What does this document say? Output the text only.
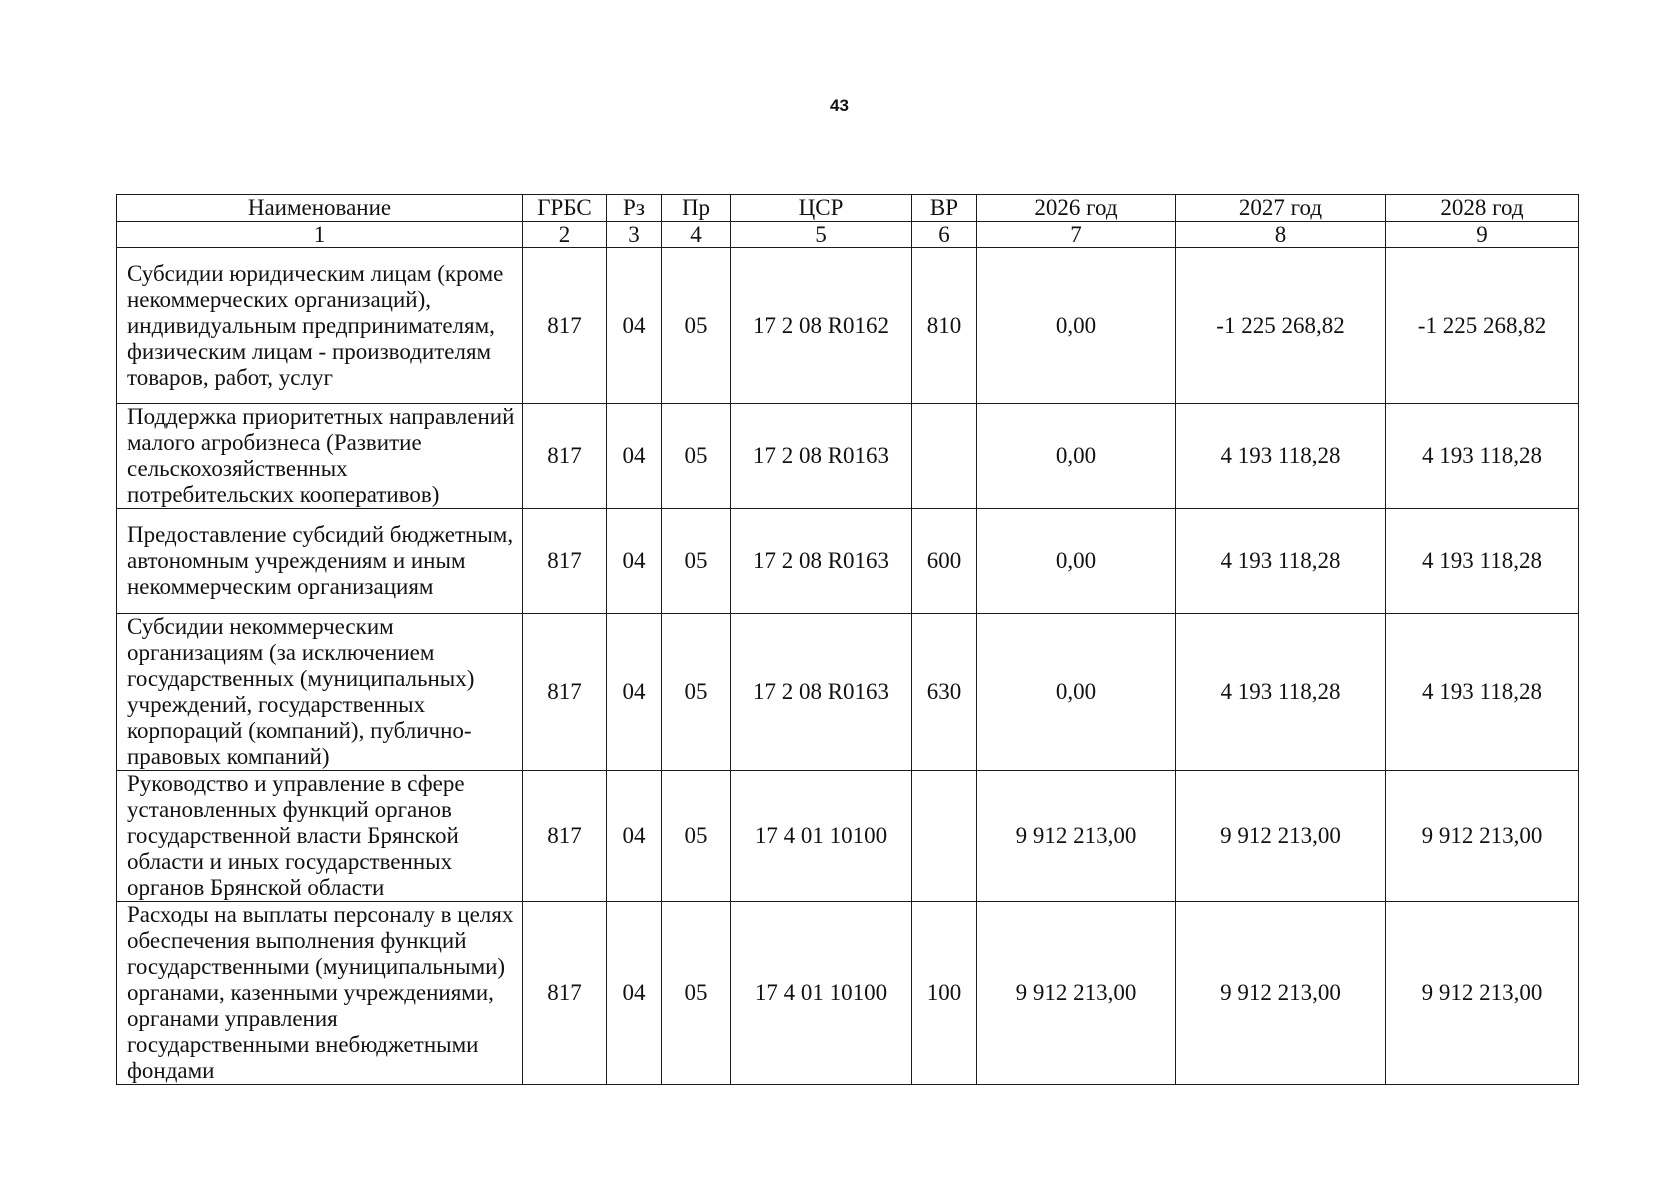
43
Наименование	ГРБС	Рз	Пр	ЦСР	ВР	2026 год	2027 год	2028 год
1	2	3	4	5	6	7	8	9
Субсидии юридическим лицам (кроме некоммерческих организаций), индивидуальным предпринимателям, физическим лицам - производителям товаров, работ, услуг	817	04	05	17 2 08 R0162	810	0,00	-1 225 268,82	-1 225 268,82
Поддержка приоритетных направлений малого агробизнеса (Развитие сельскохозяйственных потребительских кооперативов)	817	04	05	17 2 08 R0163		0,00	4 193 118,28	4 193 118,28
Предоставление субсидий бюджетным, автономным учреждениям и иным некоммерческим организациям	817	04	05	17 2 08 R0163	600	0,00	4 193 118,28	4 193 118,28
Субсидии некоммерческим организациям (за исключением государственных (муниципальных) учреждений, государственных корпораций (компаний), публично-правовых компаний)	817	04	05	17 2 08 R0163	630	0,00	4 193 118,28	4 193 118,28
Руководство и управление в сфере установленных функций органов государственной власти Брянской области и иных государственных органов Брянской области	817	04	05	17 4 01 10100		9 912 213,00	9 912 213,00	9 912 213,00
Расходы на выплаты персоналу в целях обеспечения выполнения функций государственными (муниципальными) органами, казенными учреждениями, органами управления государственными внебюджетными фондами	817	04	05	17 4 01 10100	100	9 912 213,00	9 912 213,00	9 912 213,00
